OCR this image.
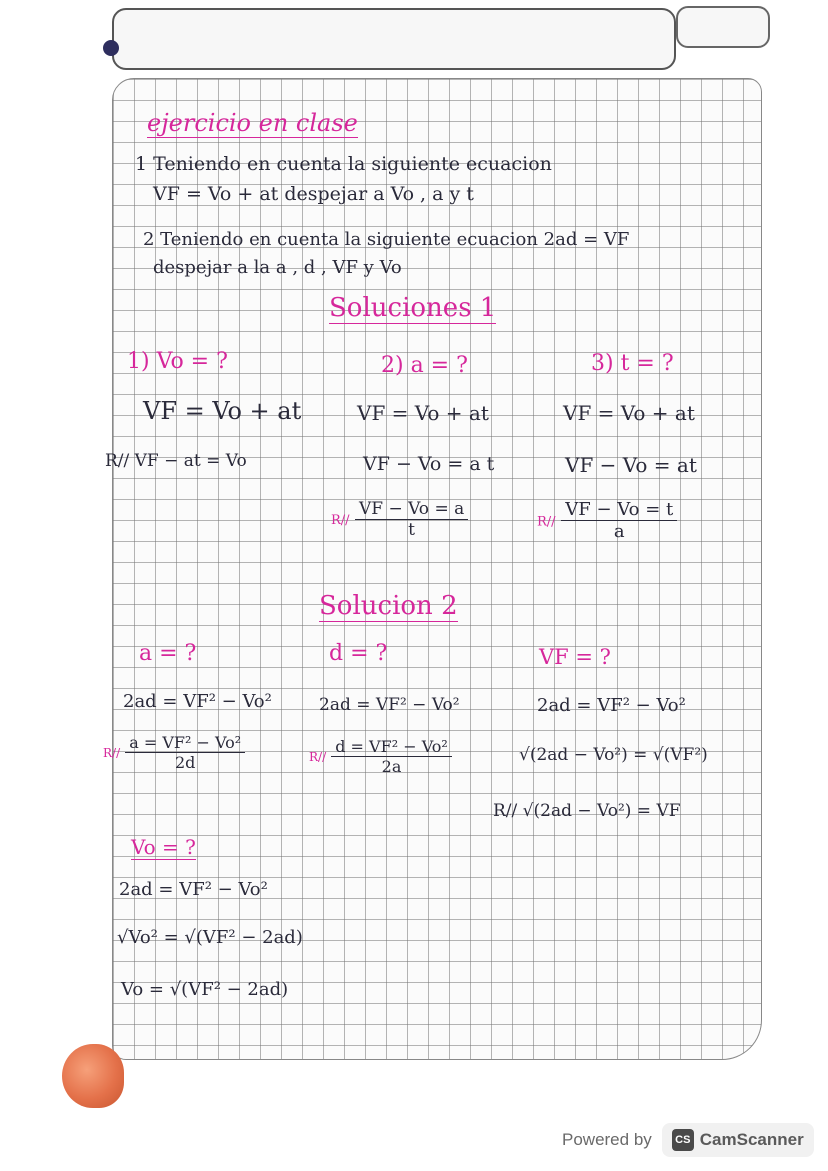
ejercicio en clase
1 Teniendo en cuenta la siguiente ecuacion
VF = Vo + at despejar a Vo , a y t
2 Teniendo en cuenta la siguiente ecuacion 2ad = VF
despejar a la a , d , VF y Vo
Soluciones 1
1) Vo = ?
VF = Vo + at
R// VF − at = Vo
2) a = ?
VF = Vo + at
VF − Vo = a t
$R// \frac{VF - Vo = a}{t}$
3) t = ?
VF = Vo + at
VF − Vo = at
$R// \frac{VF - Vo = t}{a}$
Solucion 2
a = ?
2ad = VF² − Vo²
$R// \frac{\text{a = VF² − Vo²}}{2d}$
d = ?
2ad = VF² − Vo²
$R// \frac{\text{d = VF² − Vo²}}{2a}$
VF = ?
2ad = VF² − Vo²
√(2ad − Vo²) = √(VF²)
R// √(2ad − Vo²) = VF
Vo = ?
2ad = VF² − Vo²
√Vo² = √(VF² − 2ad)
Vo = √(VF² − 2ad)
Powered by	CS CamScanner
